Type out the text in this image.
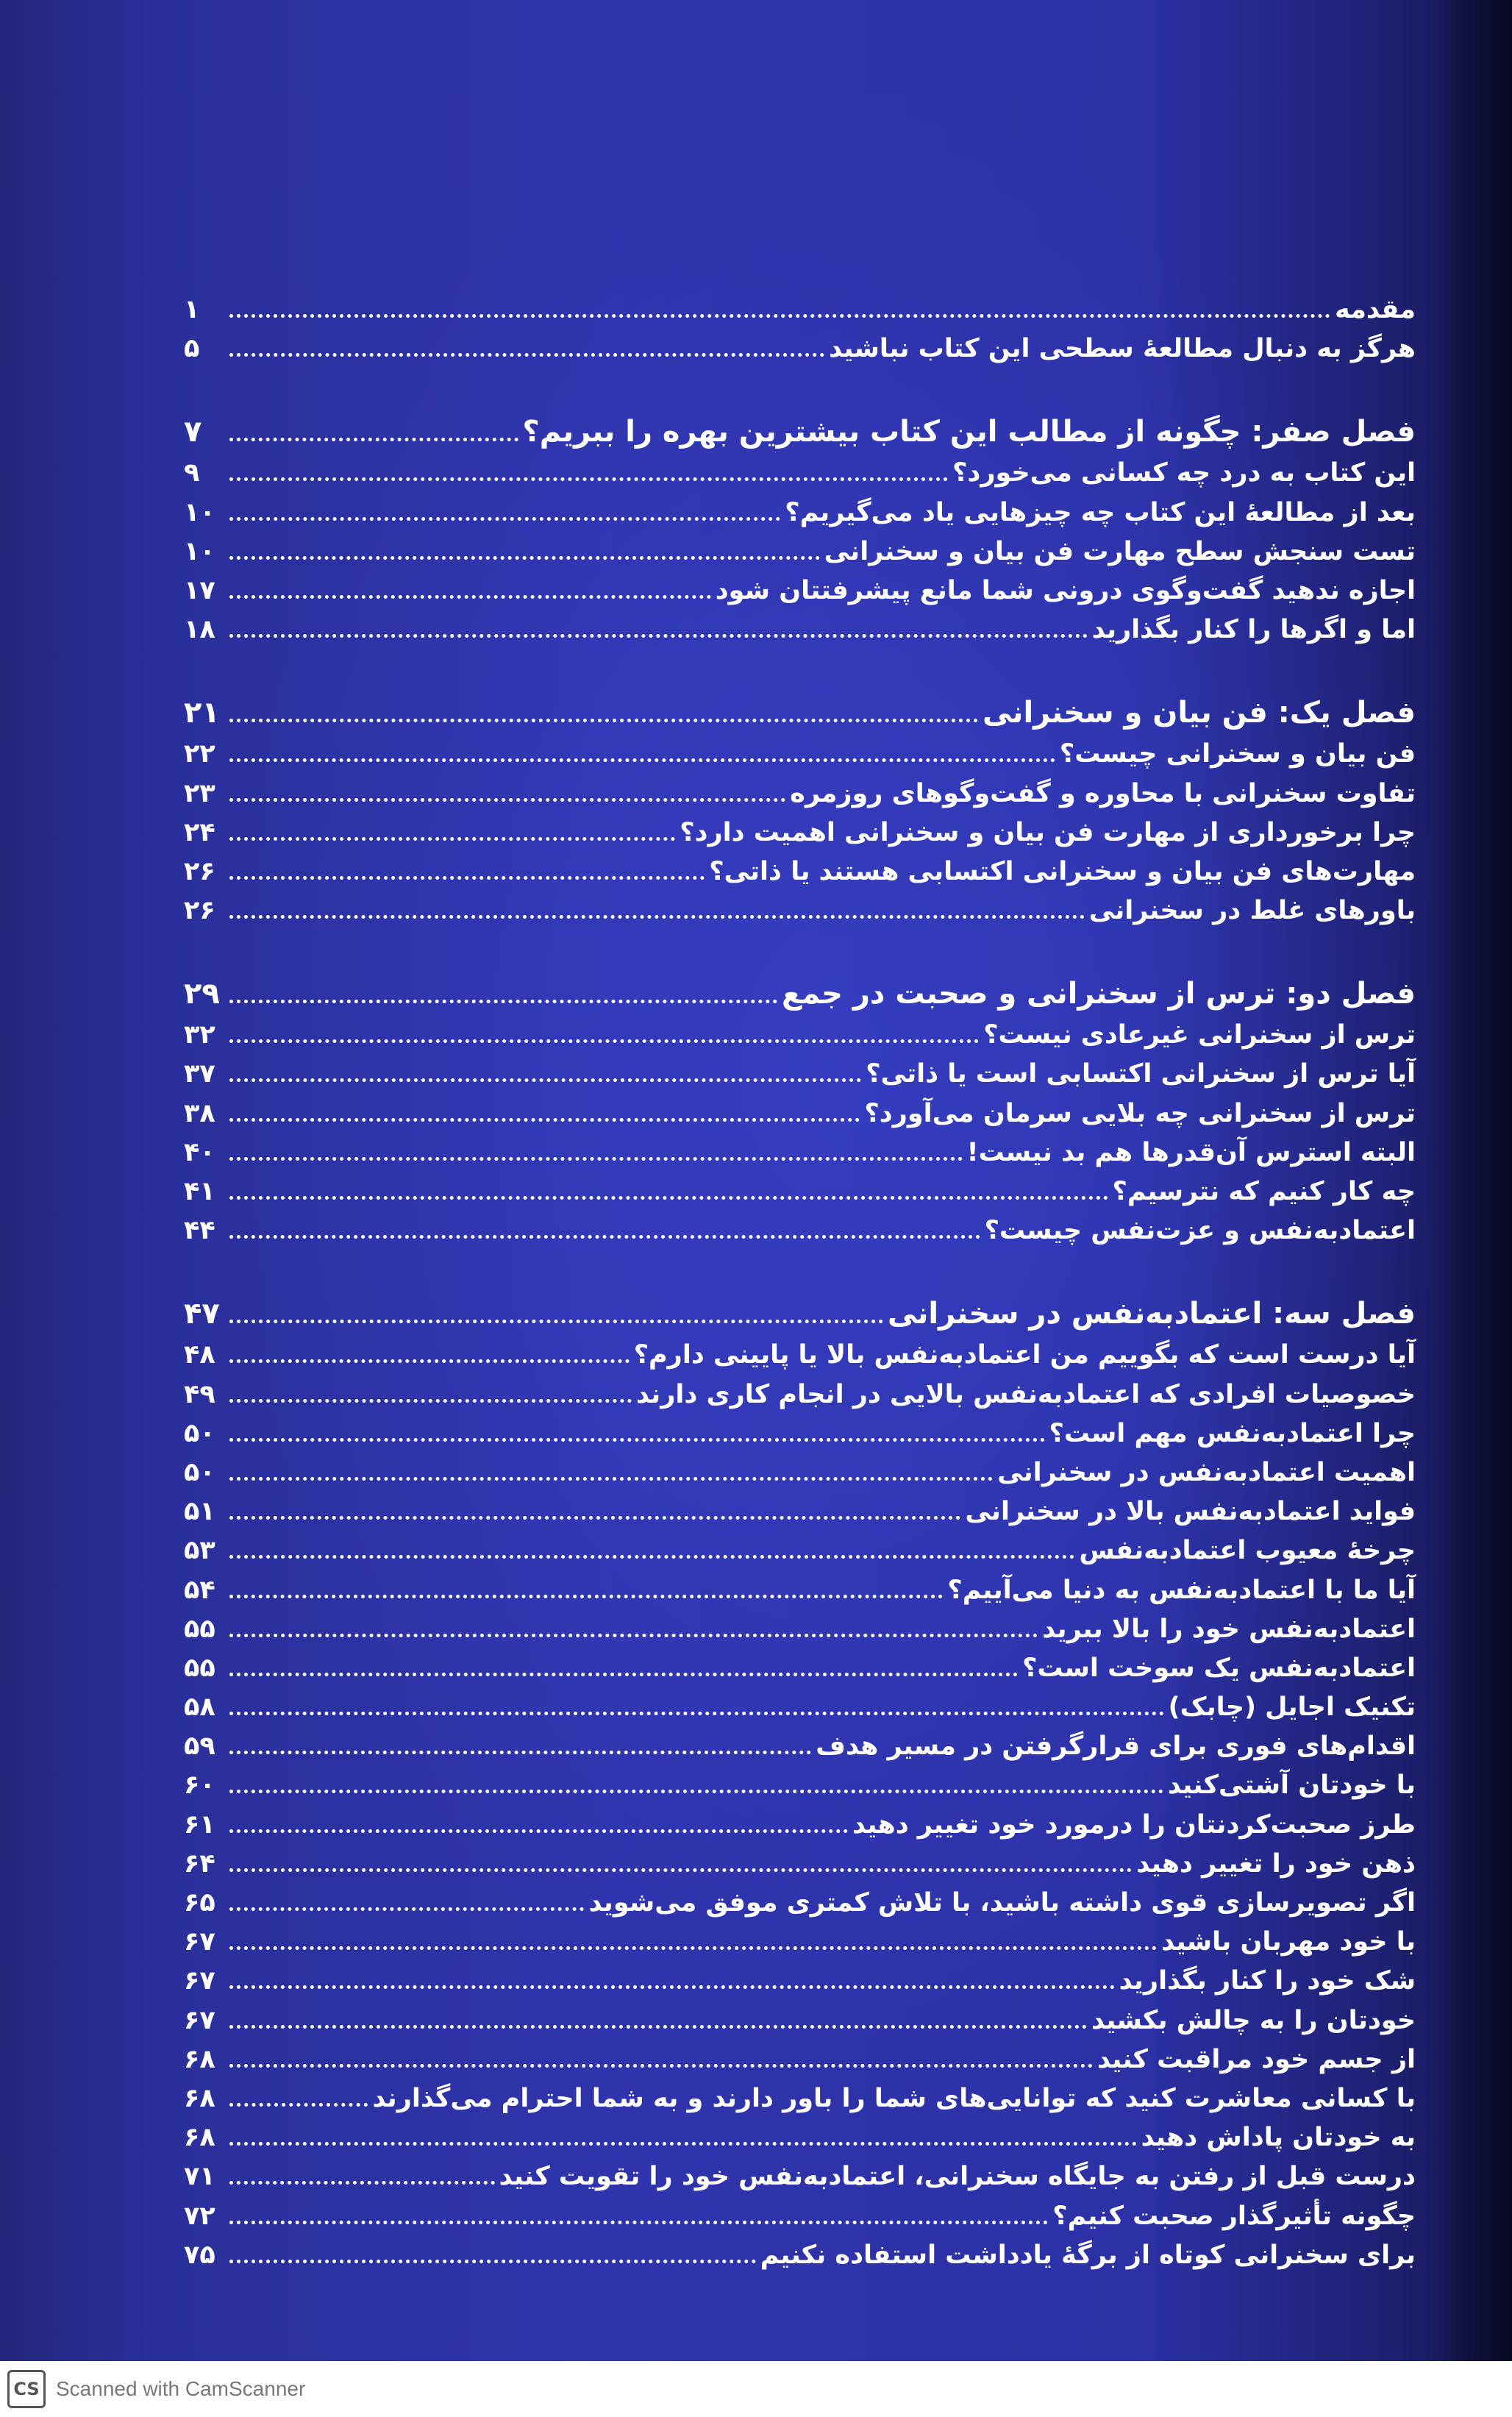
مقدمه
۱
هرگز به دنبال مطالعهٔ سطحی این کتاب نباشید
۵
فصل صفر: چگونه از مطالب این کتاب بیشترین بهره را ببریم؟
۷
این کتاب به درد چه کسانی می‌خورد؟
۹
بعد از مطالعهٔ این کتاب چه چیزهایی یاد می‌گیریم؟
۱۰
تست سنجش سطح مهارت فن بیان و سخنرانی
۱۰
اجازه ندهید گفت‌وگوی درونی شما مانع پیشرفتتان شود
۱۷
اما و اگرها را کنار بگذارید
۱۸
فصل یک: فن بیان و سخنرانی
۲۱
فن بیان و سخنرانی چیست؟
۲۲
تفاوت سخنرانی با محاوره و گفت‌وگوهای روزمره
۲۳
چرا برخورداری از مهارت فن بیان و سخنرانی اهمیت دارد؟
۲۴
مهارت‌های فن بیان و سخنرانی اکتسابی هستند یا ذاتی؟
۲۶
باورهای غلط در سخنرانی
۲۶
فصل دو: ترس از سخنرانی و صحبت در جمع
۲۹
ترس از سخنرانی غیرعادی نیست؟
۳۲
آیا ترس از سخنرانی اکتسابی است یا ذاتی؟
۳۷
ترس از سخنرانی چه بلایی سرمان می‌آورد؟
۳۸
البته استرس آن‌قدرها هم بد نیست!
۴۰
چه کار کنیم که نترسیم؟
۴۱
اعتمادبه‌نفس و عزت‌نفس چیست؟
۴۴
فصل سه: اعتمادبه‌نفس در سخنرانی
۴۷
آیا درست است که بگوییم من اعتمادبه‌نفس بالا یا پایینی دارم؟
۴۸
خصوصیات افرادی که اعتمادبه‌نفس بالایی در انجام کاری دارند
۴۹
چرا اعتمادبه‌نفس مهم است؟
۵۰
اهمیت اعتمادبه‌نفس در سخنرانی
۵۰
فواید اعتمادبه‌نفس بالا در سخنرانی
۵۱
چرخهٔ معیوب اعتمادبه‌نفس
۵۳
آیا ما با اعتمادبه‌نفس به دنیا می‌آییم؟
۵۴
اعتمادبه‌نفس خود را بالا ببرید
۵۵
اعتمادبه‌نفس یک سوخت است؟
۵۵
تکنیک اجایل (چابک)
۵۸
اقدام‌های فوری برای قرارگرفتن در مسیر هدف
۵۹
با خودتان آشتی‌کنید
۶۰
طرز صحبت‌کردنتان را درمورد خود تغییر دهید
۶۱
ذهن خود را تغییر دهید
۶۴
اگر تصویرسازی قوی داشته باشید، با تلاش کمتری موفق می‌شوید
۶۵
با خود مهربان باشید
۶۷
شک خود را کنار بگذارید
۶۷
خودتان را به چالش بکشید
۶۷
از جسم خود مراقبت کنید
۶۸
با کسانی معاشرت کنید که توانایی‌های شما را باور دارند و به شما احترام می‌گذارند
۶۸
به خودتان پاداش دهید
۶۸
درست قبل از رفتن به جایگاه سخنرانی، اعتمادبه‌نفس خود را تقویت کنید
۷۱
چگونه تأثیرگذار صحبت کنیم؟
۷۲
برای سخنرانی کوتاه از برگهٔ یادداشت استفاده نکنیم
۷۵
CS Scanned with CamScanner
